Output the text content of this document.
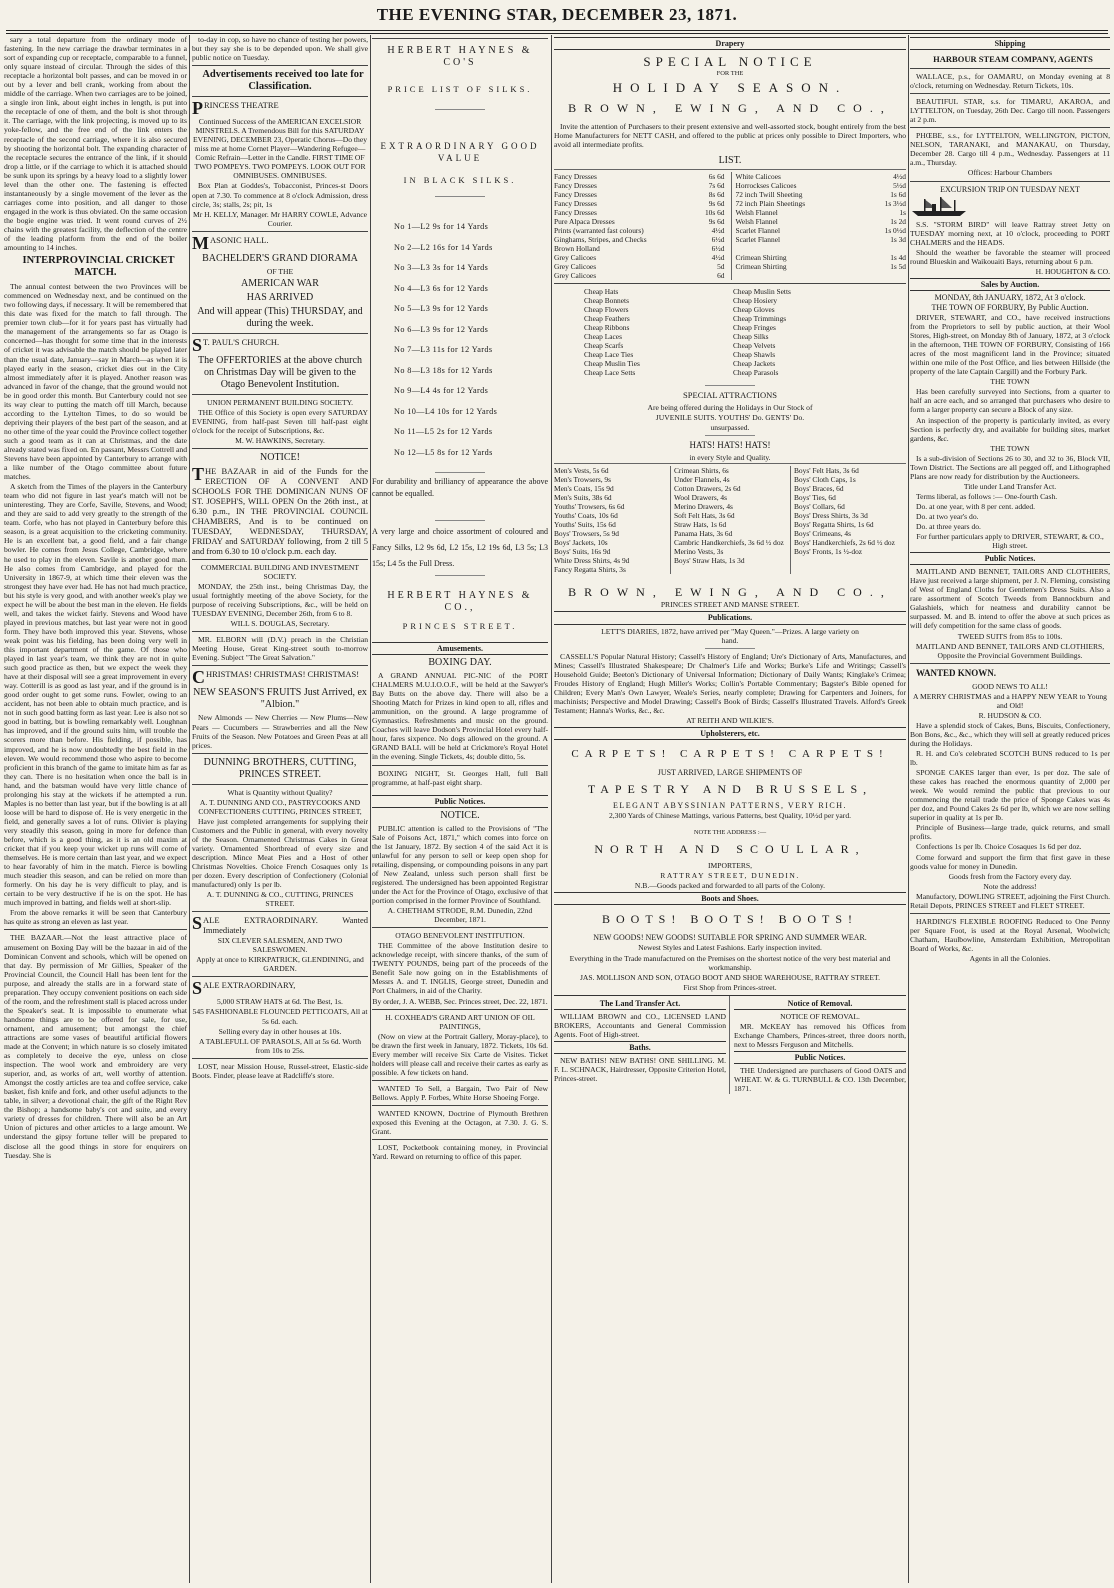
THE EVENING STAR, DECEMBER 23, 1871.

sary a total departure from the ordinary mode of fastening. In the new carriage the drawbar terminates in a sort of expanding cup or receptacle, comparable to a funnel, only square instead of circular. Through the sides of this receptacle a horizontal bolt passes, and can be moved in or out by a lever and bell crank, working from about the middle of the carriage. When two carriages are to be joined, a single iron link, about eight inches in length, is put into the receptacle of one of them, and the bolt is shot through it. The carriage, with the link projecting, is moved up to its yoke-fellow, and the free end of the link enters the receptacle of the second carriage, where it is also secured by shooting the horizontal bolt. The expanding character of the receptacle secures the entrance of the link, if it should drop a little, or if the carriage to which it is attached should be sunk upon its springs by a heavy load to a slightly lower level than the other one. The fastening is effected instantaneously by a single movement of the lever as the carriages come into position, and all danger to those engaged in the work is thus obviated. On the same occasion the bogie engine was tried. It went round curves of 2½ chains with the greatest facility, the deflection of the centre of the leading platform from the end of the boiler amounting to 14 inches.

INTERPROVINCIAL CRICKET MATCH.

The annual contest between the two Provinces will be commenced on Wednesday next, and be continued on the two following days, if necessary. It will be remembered that this date was fixed for the match to fall through. The premier town club—for it for years past has virtually had the management of the arrangements so far as Otago is concerned—has thought for some time that in the interests of cricket it was advisable the match should be played later than the usual date, January—say in March—as when it is played early in the season, cricket dies out in the City almost immediately after it is played. Another reason was advanced in favor of the change, that the ground would not be in good order this month. But Canterbury could not see its way clear to putting the match off till March, because according to the Lyttelton Times, to do so would be depriving their players of the best part of the season, and at no other time of the year could the Province collect together such a good team as it can at Christmas, and the date already stated was fixed on. En passant, Messrs Cottrell and Stevens have been appointed by Canterbury to arrange with a like number of the Otago committee about future matches.

A sketch from the Times of the players in the Canterbury team who did not figure in last year's match will not be uninteresting. They are Corfe, Saville, Stevens, and Wood; and they are said to add very greatly to the strength of the team. Corfe, who has not played in Canterbury before this season, is a great acquisition to the cricketing community. He is an excellent bat, a good field, and a fair change bowler. He comes from Jesus College, Cambridge, where he used to play in the eleven. Savile is another good man. He also comes from Cambridge, and played for the University in 1867-9, at which time their eleven was the strongest they have ever had. He has not had much practice, but his style is very good, and with another week's play we expect he will be about the best man in the eleven. He fields well, and takes the wicket fairly. Stevens and Wood have played in previous matches, but last year were not in good form. They have both improved this year. Stevens, whose weak point was his fielding, has been doing very well in this important department of the game. Of those who played in last year's team, we think they are not in quite such good practice as then, but we expect the week they have at their disposal will see a great improvement in every way. Cotterill is as good as last year, and if the ground is in good order ought to get some runs. Fowler, owing to an accident, has not been able to obtain much practice, and is not in such good batting form as last year. Lee is also not so good in batting, but is bowling remarkably well. Loughnan has improved, and if the ground suits him, will trouble the scorers more than before. His fielding, if possible, has improved, and he is now undoubtedly the best field in the eleven. We would recommend those who aspire to become proficient in this branch of the game to imitate him as far as they can. There is no hesitation when once the ball is in hand, and the batsman would have very little chance of prolonging his stay at the wickets if he attempted a run. Maples is no better than last year, but if the bowling is at all loose will be hard to dispose of. He is very energetic in the field, and generally saves a lot of runs. Olivier is playing very steadily this season, going in more for defence than before, which is a good thing, as it is an old maxim at cricket that if you keep your wicket up runs will come of themselves. He is more certain than last year, and we expect to hear favorably of him in the match. Fierce is bowling much steadier this season, and can be relied on more than formerly. On his day he is very difficult to play, and is certain to be very destructive if he is on the spot. He has much improved in batting, and fields well at short-slip.

From the above remarks it will be seen that Canterbury has quite as strong an eleven as last year.

THE BAZAAR.—Not the least attractive place of amusement on Boxing Day will be the bazaar in aid of the Dominican Convent and schools, which will be opened on that day. By permission of Mr Gillies, Speaker of the Provincial Council, the Council Hall has been lent for the purpose, and already the stalls are in a forward state of preparation. They occupy convenient positions on each side of the room, and the refreshment stall is placed across under the Speaker's seat. It is impossible to enumerate what handsome things are to be offered for sale, for use, ornament, and amusement; but amongst the chief attractions are some vases of beautiful artificial flowers made at the Convent; in which nature is so closely imitated as completely to deceive the eye, unless on close inspection. The wool work and embroidery are very superior, and, as works of art, well worthy of attention. Amongst the costly articles are tea and coffee service, cake basket, fish knife and fork, and other useful adjuncts to the table, in silver; a devotional chair, the gift of the Right Rev the Bishop; a handsome baby's cot and suite, and every variety of dresses for children. There will also be an Art Union of pictures and other articles to a large amount. We understand the gipsy fortune teller will be prepared to disclose all the good things in store for enquirers on Tuesday. She is

to-day in cop, so have no chance of testing her powers, but they say she is to be depended upon. We shall give public notice on Tuesday.

Advertisements received too late for Classification.

PRINCESS THEATRE

Continued Success of the AMERICAN EXCELSIOR MINSTRELS. A Tremendous Bill for this SATURDAY EVENING, DECEMBER 23, Operatic Chorus—Do they miss me at home Cornet Player—Wandering Refugee—Comic Refrain—Letter in the Candle. FIRST TIME OF TWO POMPEYS. TWO POMPEYS. LOOK OUT FOR OMNIBUSES. OMNIBUSES.

Box Plan at Goddes's, Tobacconist, Princes-st Doors open at 7.30. To commence at 8 o'clock Admission, dress circle, 3s; stalls, 2s; pit, 1s

Mr H. KELLY, Manager. Mr HARRY COWLE, Advance Courier.

MASONIC HALL.

BACHELDER'S GRAND DIORAMA

OF THE

AMERICAN WAR

HAS ARRIVED

And will appear (This) THURSDAY, and during the week.

S T. PAUL'S CHURCH.

The OFFERTORIES at the above church on Christmas Day will be given to the Otago Benevolent Institution.

UNION PERMANENT BUILDING SOCIETY.

THE Office of this Society is open every SATURDAY EVENING, from half-past Seven till half-past eight o'clock for the receipt of Subscriptions, &c.

M. W. HAWKINS, Secretary.

NOTICE!

THE BAZAAR in aid of the Funds for the ERECTION OF A CONVENT AND SCHOOLS FOR THE DOMINICAN NUNS OF ST. JOSEPH'S, WILL OPEN On the 26th inst., at 6.30 p.m., IN THE PROVINCIAL COUNCIL CHAMBERS, And is to be continued on TUESDAY, WEDNESDAY, THURSDAY, FRIDAY and SATURDAY following, from 2 till 5 and from 6.30 to 10 o'clock p.m. each day.

COMMERCIAL BUILDING AND INVESTMENT SOCIETY.

MONDAY, the 25th inst., being Christmas Day, the usual fortnightly meeting of the above Society, for the purpose of receiving Subscriptions, &c., will be held on TUESDAY EVENING, December 26th, from 6 to 8.

WILL S. DOUGLAS, Secretary.

MR. ELBORN will (D.V.) preach in the Christian Meeting House, Great King-street south to-morrow Evening. Subject "The Great Salvation."

CHRISTMAS! CHRISTMAS! CHRISTMAS!

NEW SEASON'S FRUITS Just Arrived, ex "Albion."

New Almonds — New Cherries — New Plums—New Pears — Cucumbers — Strawberries and all the New Fruits of the Season. New Potatoes and Green Peas at all prices.

DUNNING BROTHERS, CUTTING, PRINCES STREET.

What is Quantity without Quality?

A. T. DUNNING AND CO., PASTRYCOOKS AND CONFECTIONERS CUTTING, PRINCES STREET,

Have just completed arrangements for supplying their Customers and the Public in general, with every novelty of the Season. Ornamented Christmas Cakes in Great variety. Ornamented Shortbread of every size and description. Mince Meat Pies and a Host of other Christmas Novelties. Choice French Cosaques only 1s per dozen. Every description of Confectionery (Colonial manufactured) only 1s per lb.

A. T. DUNNING & CO., CUTTING, PRINCES STREET.

SALE EXTRAORDINARY. Wanted Immediately

SIX CLEVER SALESMEN, AND TWO SALESWOMEN.

Apply at once to KIRKPATRICK, GLENDINING, and GARDEN.

SALE EXTRAORDINARY,

5,000 STRAW HATS at 6d. The Best, 1s.

545 FASHIONABLE FLOUNCED PETTICOATS, All at 5s 6d. each.

Selling every day in other houses at 10s.

A TABLEFULL OF PARASOLS, All at 5s 6d. Worth from 10s to 25s.

LOST, near Mission House, Russel-street, Elastic-side Boots. Finder, please leave at Radcliffe's store.

HERBERT HAYNES & CO'S

PRICE LIST OF SILKS.

EXTRAORDINARY GOOD VALUE

IN BLACK SILKS.

No 1—L2 9s for 14 Yards

No 2—L2 16s for 14 Yards

No 3—L3 3s for 14 Yards

No 4—L3 6s for 12 Yards

No 5—L3 9s for 12 Yards

No 6—L3 9s for 12 Yards

No 7—L3 11s for 12 Yards

No 8—L3 18s for 12 Yards

No 9—L4 4s for 12 Yards

No 10—L4 10s for 12 Yards

No 11—L5 2s for 12 Yards

No 12—L5 8s for 12 Yards

For durability and brilliancy of appearance the above cannot be equalled.

A very large and choice assortment of coloured and Fancy Silks, L2 9s 6d, L2 15s, L2 19s 6d, L3 5s; L3 15s; L4 5s the Full Dress.

HERBERT HAYNES & CO.,

PRINCES STREET.

Amusements.

BOXING DAY.

A GRAND ANNUAL PIC-NIC of the PORT CHALMERS M.U.I.O.O.F., will be held at the Sawyer's Bay Butts on the above day. There will also be a Shooting Match for Prizes in kind open to all, rifles and ammunition, on the ground. A large programme of Gymnastics. Refreshments and music on the ground. Coaches will leave Dodson's Provincial Hotel every half-hour, fares sixpence. No dogs allowed on the ground. A GRAND BALL will be held at Crickmore's Royal Hotel in the evening. Single Tickets, 4s; double ditto, 5s.

BOXING NIGHT, St. Georges Hall, full Ball programme, at half-past eight sharp.

Public Notices.

NOTICE.

PUBLIC attention is called to the Provisions of "The Sale of Poisons Act, 1871," which comes into force on the 1st January, 1872. By section 4 of the said Act it is unlawful for any person to sell or keep open shop for retailing, dispensing, or compounding poisons in any part of New Zealand, unless such person shall first be registered. The undersigned has been appointed Registrar under the Act for the Province of Otago, exclusive of that portion comprised in the former Province of Southland.

A. CHETHAM STRODE, R.M. Dunedin, 22nd December, 1871.

OTAGO BENEVOLENT INSTITUTION.

THE Committee of the above Institution desire to acknowledge receipt, with sincere thanks, of the sum of TWENTY POUNDS, being part of the proceeds of the Benefit Sale now going on in the Establishments of Messrs A. and T. INGLIS, George street, Dunedin and Port Chalmers, in aid of the Charity.

By order, J. A. WEBB, Sec. Princes street, Dec. 22, 1871.

H. COXHEAD'S GRAND ART UNION OF OIL PAINTINGS,

(Now on view at the Portrait Gallery, Moray-place), to be drawn the first week in January, 1872. Tickets, 10s 6d. Every member will receive Six Carte de Visites. Ticket holders will please call and receive their cartes as early as possible. A few tickets on hand.

WANTED To Sell, a Bargain, Two Pair of New Bellows. Apply P. Forbes, White Horse Shoeing Forge.

WANTED KNOWN, Doctrine of Plymouth Brethren exposed this Evening at the Octagon, at 7.30. J. G. S. Grant.

LOST, Pocketbook containing money, in Provincial Yard. Reward on returning to office of this paper.

Drapery

SPECIAL NOTICE

FOR THE

HOLIDAY SEASON.

BROWN, EWING, AND CO.,

Invite the attention of Purchasers to their present extensive and well-assorted stock, bought entirely from the best Home Manufacturers for NETT CASH, and offered to the public at prices only possible to Direct Importers, who avoid all intermediate profits.

LIST.

Fancy Dresses	6s 6d
Fancy Dresses	7s 6d
Fancy Dresses	8s 6d
Fancy Dresses	9s 6d
Fancy Dresses	10s 6d
Pure Alpaca Dresses	9s 6d
Prints (warranted fast colours)	4½d
Ginghams, Stripes, and Checks	6½d
Brown Holland	6½d
Grey Calicoes	4½d
Grey Calicoes	5d
Grey Calicoes	6d
White Calicoes	4½d
Horrockses Calicoes	5½d
72 inch Twill Sheeting	1s 6d
72 inch Plain Sheetings	1s 3½d
Welsh Flannel	1s
Welsh Flannel	1s 2d
Scarlet Flannel	1s 0½d
Scarlet Flannel	1s 3d

Crimean Shirting	1s 4d
Crimean Shirting	1s 5d

Cheap Hats
Cheap Bonnets
Cheap Flowers
Cheap Feathers
Cheap Ribbons
Cheap Laces
Cheap Scarfs
Cheap Lace Ties
Cheap Muslin Ties
Cheap Lace Setts
Cheap Muslin Setts
Cheap Hosiery
Cheap Gloves
Cheap Trimmings
Cheap Fringes
Cheap Silks
Cheap Velvets
Cheap Shawls
Cheap Jackets
Cheap Parasols

SPECIAL ATTRACTIONS

Are being offered during the Holidays in Our Stock of

JUVENILE SUITS. YOUTHS' Do. GENTS' Do.

unsurpassed.

HATS! HATS! HATS!

in every Style and Quality.

Men's Vests, 5s 6d
Men's Trowsers, 9s
Men's Coats, 15s 9d
Men's Suits, 38s 6d
Youths' Trowsers, 6s 6d
Youths' Coats, 10s 6d
Youths' Suits, 15s 6d
Boys' Trowsers, 5s 9d
Boys' Jackets, 10s
Boys' Suits, 16s 9d
White Dress Shirts, 4s 9d
Fancy Regatta Shirts, 3s
Crimean Shirts, 6s
Under Flannels, 4s
Cotton Drawers, 2s 6d
Wool Drawers, 4s
Merino Drawers, 4s
Soft Felt Hats, 3s 6d
Straw Hats, 1s 6d
Panama Hats, 3s 6d
Cambric Handkerchiefs, 3s 6d ½ doz
Merino Vests, 3s
Boys' Straw Hats, 1s 3d
Boys' Felt Hats, 3s 6d
Boys' Cloth Caps, 1s
Boys' Braces, 6d
Boys' Ties, 6d
Boys' Collars, 6d
Boys' Dress Shirts, 3s 3d
Boys' Regatta Shirts, 1s 6d
Boys' Crimeans, 4s
Boys' Handkerchiefs, 2s 6d ½ doz
Boys' Fronts, 1s ½-doz

BROWN, EWING, AND CO.,

PRINCES STREET AND MANSE STREET.

Publications.

LETT'S DIARIES, 1872, have arrived per "May Queen."—Prizes. A large variety on hand.

CASSELL'S Popular Natural History; Cassell's History of England; Ure's Dictionary of Arts, Manufactures, and Mines; Cassell's Illustrated Shakespeare; Dr Chalmer's Life and Works; Burke's Life and Writings; Cassell's Household Guide; Beeton's Dictionary of Universal Information; Dictionary of Daily Wants; Kinglake's Crimea; Froudes History of England; Hugh Miller's Works; Collin's Portable Commentary; Bagster's Bible opened for Children; Every Man's Own Lawyer, Weale's Series, nearly complete; Drawing for Carpenters and Joiners, for machinists; Perspective and Model Drawing; Cassell's Book of Birds; Cassell's Illustrated Travels. Alford's Greek Testament; Hanna's Works, &c., &c.

AT REITH AND WILKIE'S.

Upholsterers, etc.

CARPETS! CARPETS! CARPETS!

JUST ARRIVED, LARGE SHIPMENTS OF

TAPESTRY AND BRUSSELS,

ELEGANT ABYSSINIAN PATTERNS, VERY RICH.

2,300 Yards of Chinese Mattings, various Patterns, best Quality, 10½d per yard.

NOTE THE ADDRESS :—

NORTH AND SCOULLAR,

IMPORTERS,

RATTRAY STREET, DUNEDIN.

N.B.—Goods packed and forwarded to all parts of the Colony.

Boots and Shoes.

BOOTS! BOOTS! BOOTS!

NEW GOODS! NEW GOODS! SUITABLE FOR SPRING AND SUMMER WEAR.

Newest Styles and Latest Fashions. Early inspection invited.

Everything in the Trade manufactured on the Premises on the shortest notice of the very best material and workmanship.

JAS. MOLLISON AND SON, OTAGO BOOT AND SHOE WAREHOUSE, RATTRAY STREET.

First Shop from Princes-street.

The Land Transfer Act.

WILLIAM BROWN and CO., LICENSED LAND BROKERS, Accountants and General Commission Agents. Foot of High-street.

Baths.

NEW BATHS! NEW BATHS! ONE SHILLING. M. F. L. SCHNACK, Hairdresser, Opposite Criterion Hotel, Princes-street.

Notice of Removal.

NOTICE OF REMOVAL.

MR. McKEAY has removed his Offices from Exchange Chambers, Princes-street, three doors north, next to Messrs Ferguson and Mitchells.

Public Notices.

THE Undersigned are purchasers of Good OATS and WHEAT. W. & G. TURNBULL & CO. 13th December, 1871.

Shipping

HARBOUR STEAM COMPANY, AGENTS

WALLACE, p.s., for OAMARU, on Monday evening at 8 o'clock, returning on Wednesday. Return Tickets, 10s.

BEAUTIFUL STAR, s.s. for TIMARU, AKAROA, and LYTTELTON, on Tuesday, 26th Dec. Cargo till noon. Passengers at 2 p.m.

PHŒBE, s.s., for LYTTELTON, WELLINGTON, PICTON, NELSON, TARANAKI, and MANAKAU, on Thursday, December 28. Cargo till 4 p.m., Wednesday. Passengers at 11 a.m., Thursday.

Offices: Harbour Chambers

EXCURSION TRIP ON TUESDAY NEXT

S.S. "STORM BIRD" will leave Rattray street Jetty on TUESDAY morning next, at 10 o'clock, proceeding to PORT CHALMERS and the HEADS.

Should the weather be favorable the steamer will proceed round Blueskin and Waikouaiti Bays, returning about 6 p.m.

H. HOUGHTON & CO.

Sales by Auction.

MONDAY, 8th JANUARY, 1872, At 3 o'clock.

THE TOWN OF FORBURY, By Public Auction.

DRIVER, STEWART, and CO., have received instructions from the Proprietors to sell by public auction, at their Wool Stores, High-street, on Monday 8th of January, 1872, at 3 o'clock in the afternoon, THE TOWN OF FORBURY, Consisting of 166 acres of the most magnificent land in the Province; situated within one mile of the Post Office, and lies between Hillside (the property of the late Captain Cargill) and the Forbury Park.

THE TOWN

Has been carefully surveyed into Sections, from a quarter to half an acre each, and so arranged that purchasers who desire to form a larger property can secure a Block of any size.

An inspection of the property is particularly invited, as every Section is perfectly dry, and available for building sites, market gardens, &c.

THE TOWN

Is a sub-division of Sections 26 to 30, and 32 to 36, Block VII, Town District. The Sections are all pegged off, and Lithographed Plans are now ready for distribution by the Auctioneers.

Title under Land Transfer Act.

Terms liberal, as follows :— One-fourth Cash.

Do. at one year, with 8 per cent. added.

Do. at two year's do.

Do. at three years do.

For further particulars apply to DRIVER, STEWART, & CO., High street.

Public Notices.

MAITLAND AND BENNET, TAILORS AND CLOTHIERS, Have just received a large shipment, per J. N. Fleming, consisting of West of England Cloths for Gentlemen's Dress Suits. Also a rare assortment of Scotch Tweeds from Bannockburn and Galashiels, which for neatness and durability cannot be surpassed. M. and B. intend to offer the above at such prices as will defy competition for the same class of goods.

TWEED SUITS from 85s to 100s.

MAITLAND AND BENNET, TAILORS AND CLOTHIERS, Opposite the Provincial Government Buildings.

WANTED KNOWN.

GOOD NEWS TO ALL!

A MERRY CHRISTMAS and a HAPPY NEW YEAR to Young and Old!

R. HUDSON & CO.

Have a splendid stock of Cakes, Buns, Biscuits, Confectionery, Bon Bons, &c., &c., which they will sell at greatly reduced prices during the Holidays.

R. H. and Co's celebrated SCOTCH BUNS reduced to 1s per lb.

SPONGE CAKES larger than ever, 1s per doz. The sale of these cakes has reached the enormous quantity of 2,000 per week. We would remind the public that previous to our commencing the retail trade the price of Sponge Cakes was 4s per doz, and Pound Cakes 2s 6d per lb, which we are now selling superior in quality at 1s per lb.

Principle of Business—large trade, quick returns, and small profits.

Confections 1s per lb. Choice Cosaques 1s 6d per doz.

Come forward and support the firm that first gave in these goods value for money in Dunedin.

Goods fresh from the Factory every day.

Note the address!

Manufactory, DOWLING STREET, adjoining the First Church. Retail Depots, PRINCES STREET and FLEET STREET.

HARDING'S FLEXIBLE ROOFING Reduced to One Penny per Square Foot, is used at the Royal Arsenal, Woolwich; Chatham, Haulbowline, Amsterdam Exhibition, Metropolitan Board of Works, &c.

Agents in all the Colonies.
